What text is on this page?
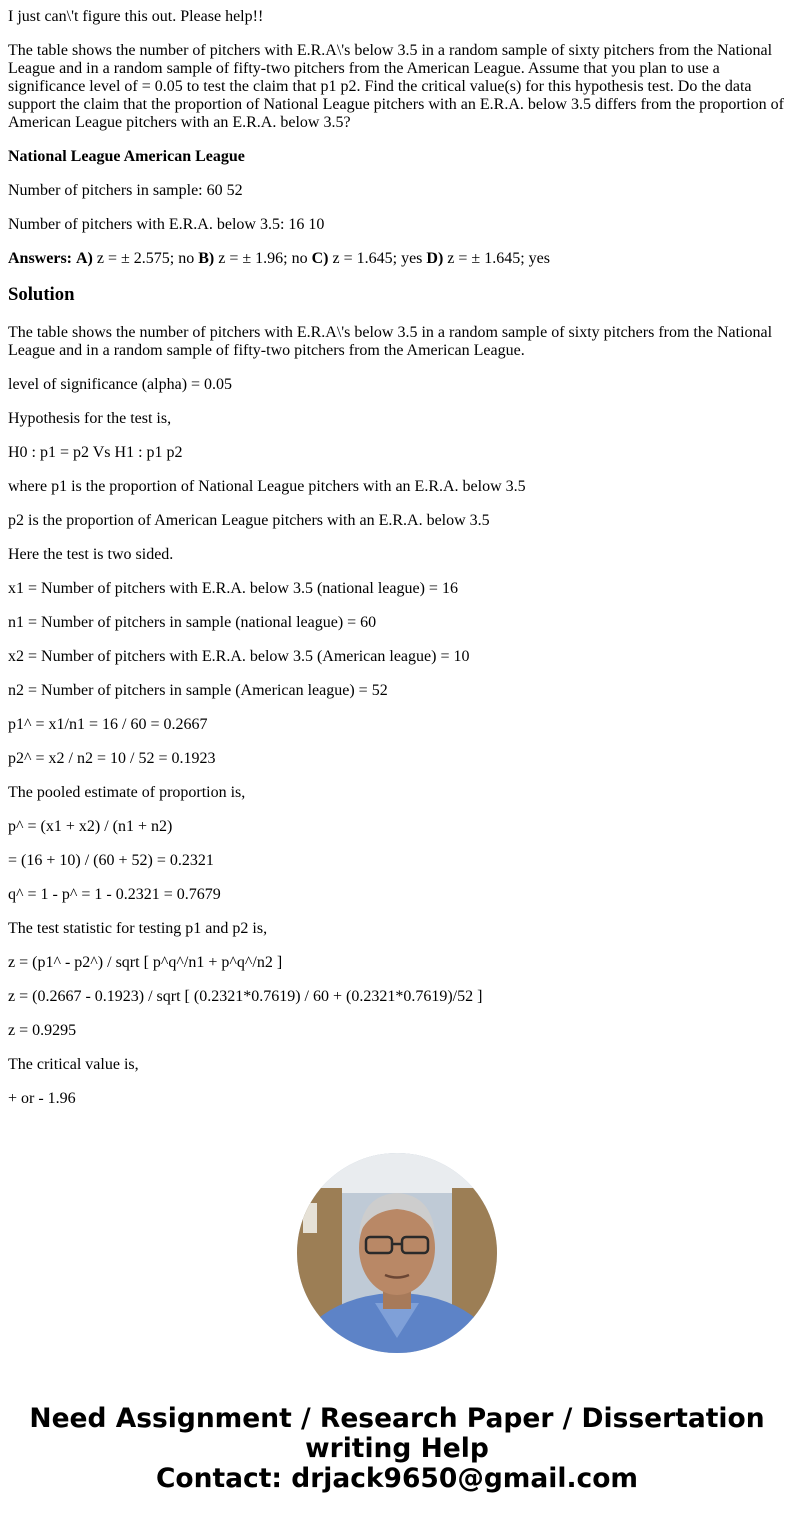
I just can\'t figure this out. Please help!!

The table shows the number of pitchers with E.R.A\'s below 3.5 in a random sample of sixty pitchers from the National League and in a random sample of fifty-two pitchers from the American League. Assume that you plan to use a significance level of = 0.05 to test the claim that p1 p2. Find the critical value(s) for this hypothesis test. Do the data support the claim that the proportion of National League pitchers with an E.R.A. below 3.5 differs from the proportion of American League pitchers with an E.R.A. below 3.5?

National League American League

Number of pitchers in sample: 60 52

Number of pitchers with E.R.A. below 3.5: 16 10

Answers: A) z = ± 2.575; no B) z = ± 1.96; no C) z = 1.645; yes D) z = ± 1.645; yes

Solution

The table shows the number of pitchers with E.R.A\'s below 3.5 in a random sample of sixty pitchers from the National League and in a random sample of fifty-two pitchers from the American League.

level of significance (alpha) = 0.05

Hypothesis for the test is,

H0 : p1 = p2 Vs H1 : p1 p2

where p1 is the proportion of National League pitchers with an E.R.A. below 3.5

p2 is the proportion of American League pitchers with an E.R.A. below 3.5

Here the test is two sided.

x1 = Number of pitchers with E.R.A. below 3.5 (national league) = 16

n1 = Number of pitchers in sample (national league) = 60

x2 = Number of pitchers with E.R.A. below 3.5 (American league) = 10

n2 = Number of pitchers in sample (American league) = 52

p1^ = x1/n1 = 16 / 60 = 0.2667

p2^ = x2 / n2 = 10 / 52 = 0.1923

The pooled estimate of proportion is,

p^ = (x1 + x2) / (n1 + n2)

= (16 + 10) / (60 + 52) = 0.2321

q^ = 1 - p^ = 1 - 0.2321 = 0.7679

The test statistic for testing p1 and p2 is,

z = (p1^ - p2^) / sqrt [ p^q^/n1 + p^q^/n2 ]

z = (0.2667 - 0.1923) / sqrt [ (0.2321*0.7619) / 60 + (0.2321*0.7619)/52 ]

z = 0.9295

The critical value is,

+ or - 1.96

Need Assignment / Research Paper / Dissertation
writing Help
Contact: drjack9650@gmail.com
